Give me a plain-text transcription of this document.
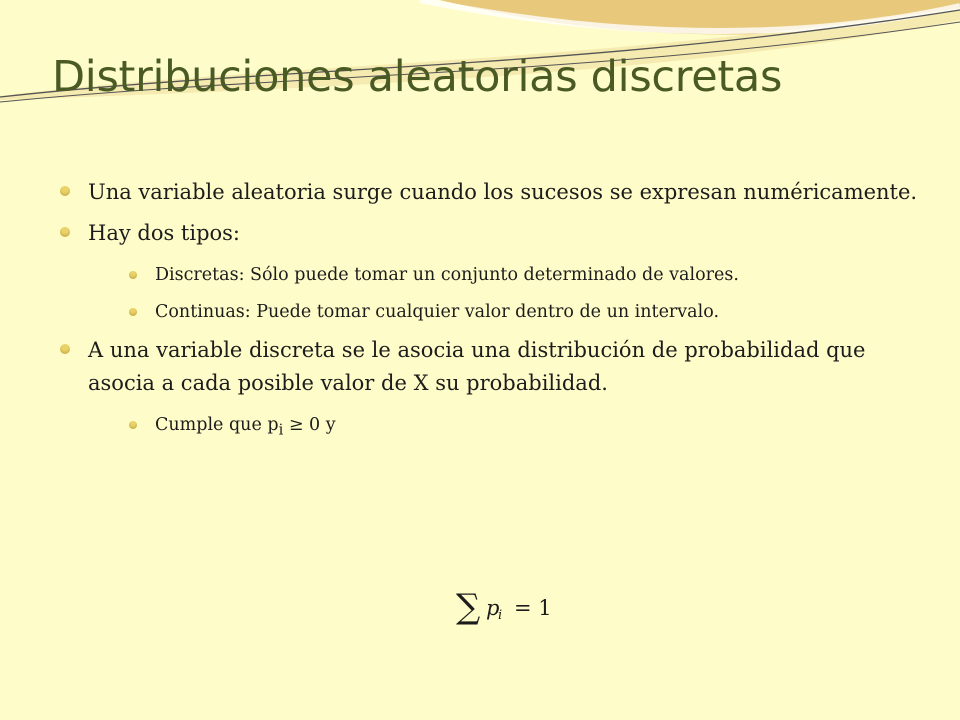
Distribuciones aleatorias discretas

Una variable aleatoria surge cuando los sucesos se expresan numéricamente.

Hay dos tipos:

Discretas: Sólo puede tomar un conjunto determinado de valores.

Continuas: Puede tomar cualquier valor dentro de un intervalo.

A una variable discreta se le asocia una distribución de probabilidad que asocia a cada posible valor de X su probabilidad.

Cumple que $p_i \ge 0$ y

∑ p
i = 1
